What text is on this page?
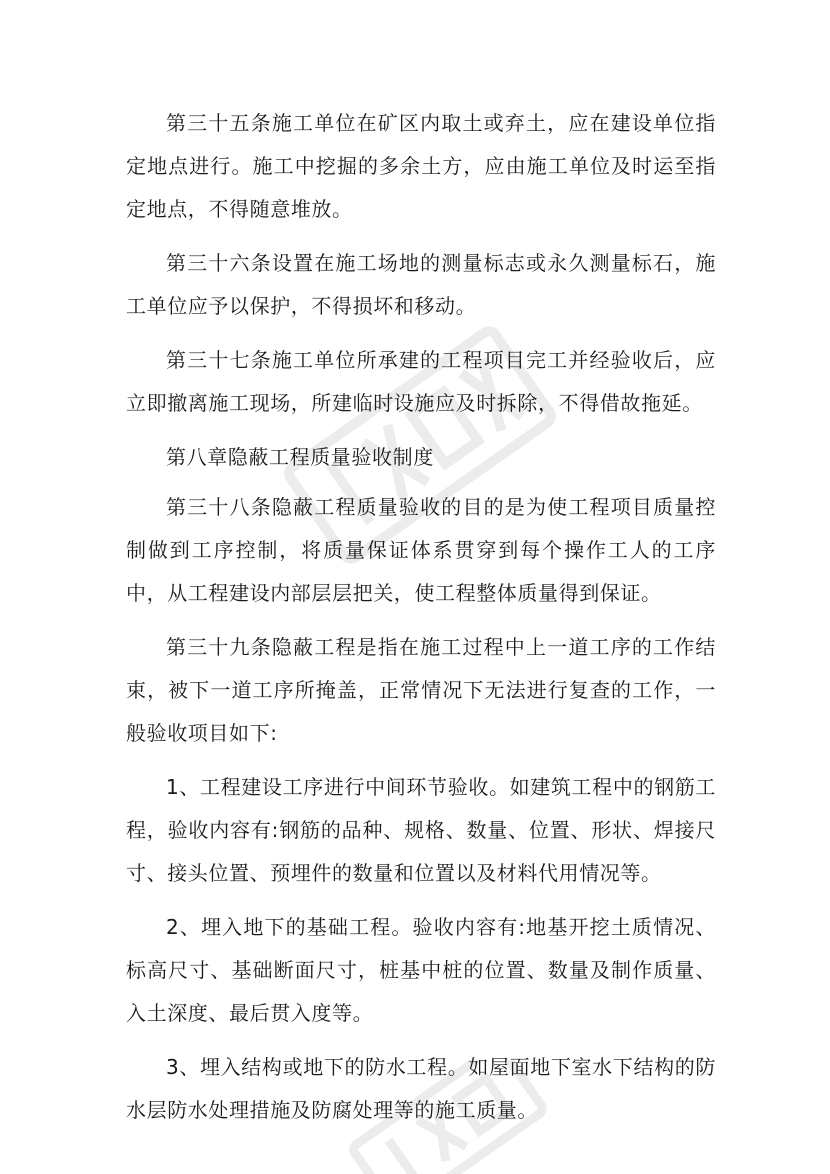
第三十五条施工单位在矿区内取土或弃土，应在建设单位指定地点进行。施工中挖掘的多余土方，应由施工单位及时运至指定地点，不得随意堆放。

第三十六条设置在施工场地的测量标志或永久测量标石，施工单位应予以保护，不得损坏和移动。

第三十七条施工单位所承建的工程项目完工并经验收后，应立即撤离施工现场，所建临时设施应及时拆除，不得借故拖延。

第八章隐蔽工程质量验收制度

第三十八条隐蔽工程质量验收的目的是为使工程项目质量控制做到工序控制，将质量保证体系贯穿到每个操作工人的工序中，从工程建设内部层层把关，使工程整体质量得到保证。

第三十九条隐蔽工程是指在施工过程中上一道工序的工作结束，被下一道工序所掩盖，正常情况下无法进行复查的工作，一般验收项目如下:

1、工程建设工序进行中间环节验收。如建筑工程中的钢筋工程，验收内容有:钢筋的品种、规格、数量、位置、形状、焊接尺寸、接头位置、预埋件的数量和位置以及材料代用情况等。

2、埋入地下的基础工程。验收内容有:地基开挖土质情况、标高尺寸、基础断面尺寸，桩基中桩的位置、数量及制作质量、入土深度、最后贯入度等。

3、埋入结构或地下的防水工程。如屋面地下室水下结构的防水层防水处理措施及防腐处理等的施工质量。
